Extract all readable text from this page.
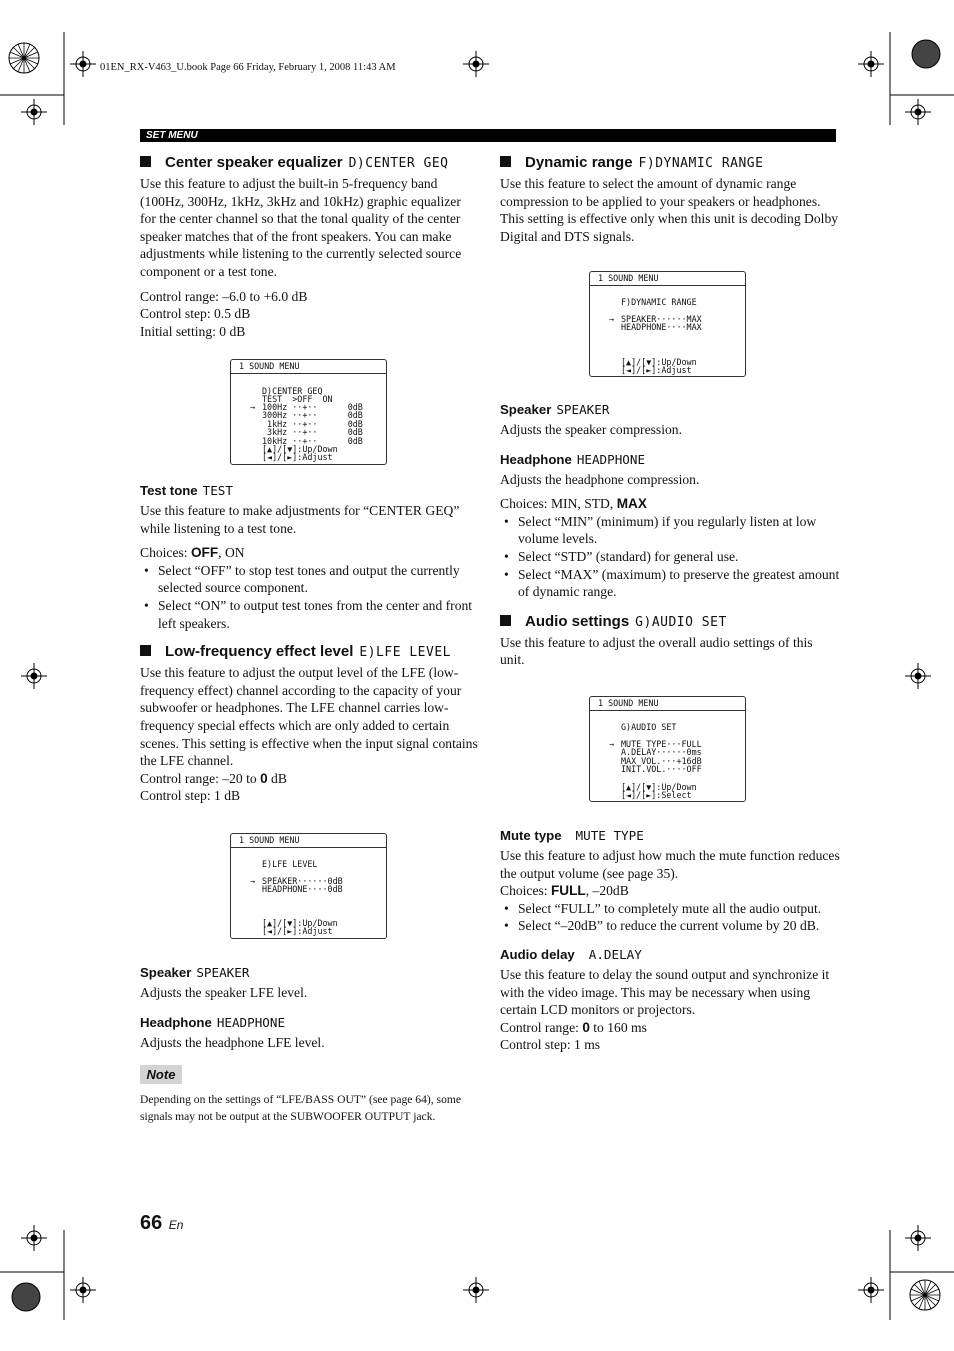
01EN_RX-V463_U.book Page 66 Friday, February 1, 2008 11:43 AM
SET MENU
Center speaker equalizer D)CENTER GEQ

Use this feature to adjust the built-in 5-frequency band (100Hz, 300Hz, 1kHz, 3kHz and 10kHz) graphic equalizer for the center channel so that the tonal quality of the center speaker matches that of the front speakers. You can make adjustments while listening to the currently selected source component or a test tone.

Control range: –6.0 to +6.0 dB

Control step: 0.5 dB

Initial setting: 0 dB

1 SOUND MENU
D)CENTER GEQ
TEST  >OFF  ON
→ 100Hz ··+··      0dB
300Hz ··+··      0dB
1kHz ··+··      0dB
3kHz ··+··      0dB
10kHz ··+··      0dB
[▲]/[▼]:Up/Down
[◄]/[►]:Adjust
Test tone TEST

Use this feature to make adjustments for “CENTER GEQ” while listening to a test tone.

Choices: OFF, ON

• Select “OFF” to stop test tones and output the currently selected source component.
• Select “ON” to output test tones from the center and front left speakers.
Low-frequency effect level E)LFE LEVEL

Use this feature to adjust the output level of the LFE (low-frequency effect) channel according to the capacity of your subwoofer or headphones. The LFE channel carries low-frequency special effects which are only added to certain scenes. This setting is effective when the input signal contains the LFE channel.

Control range: –20 to 0 dB

Control step: 1 dB

1 SOUND MENU
E)LFE LEVEL
→ SPEAKER······0dB
HEADPHONE····0dB
[▲]/[▼]:Up/Down
[◄]/[►]:Adjust
Speaker SPEAKER

Adjusts the speaker LFE level.

Headphone HEADPHONE

Adjusts the headphone LFE level.

Note

Depending on the settings of “LFE/BASS OUT” (see page 64), some signals may not be output at the SUBWOOFER OUTPUT jack.

66 En
Dynamic range F)DYNAMIC RANGE

Use this feature to select the amount of dynamic range compression to be applied to your speakers or headphones. This setting is effective only when this unit is decoding Dolby Digital and DTS signals.

1 SOUND MENU
F)DYNAMIC RANGE
→ SPEAKER······MAX
HEADPHONE····MAX
[▲]/[▼]:Up/Down
[◄]/[►]:Adjust
Speaker SPEAKER

Adjusts the speaker compression.

Headphone HEADPHONE

Adjusts the headphone compression.

Choices: MIN, STD, MAX

• Select “MIN” (minimum) if you regularly listen at low volume levels.
• Select “STD” (standard) for general use.
• Select “MAX” (maximum) to preserve the greatest amount of dynamic range.
Audio settings G)AUDIO SET

Use this feature to adjust the overall audio settings of this unit.

1 SOUND MENU
G)AUDIO SET
→ MUTE TYPE···FULL
A.DELAY······0ms
MAX VOL.···+16dB
INIT.VOL.····OFF
[▲]/[▼]:Up/Down
[◄]/[►]:Select
Mute type MUTE TYPE

Use this feature to adjust how much the mute function reduces the output volume (see page 35).

Choices: FULL, –20dB

• Select “FULL” to completely mute all the audio output.
• Select “–20dB” to reduce the current volume by 20 dB.
Audio delay A.DELAY

Use this feature to delay the sound output and synchronize it with the video image. This may be necessary when using certain LCD monitors or projectors.

Control range: 0 to 160 ms

Control step: 1 ms
